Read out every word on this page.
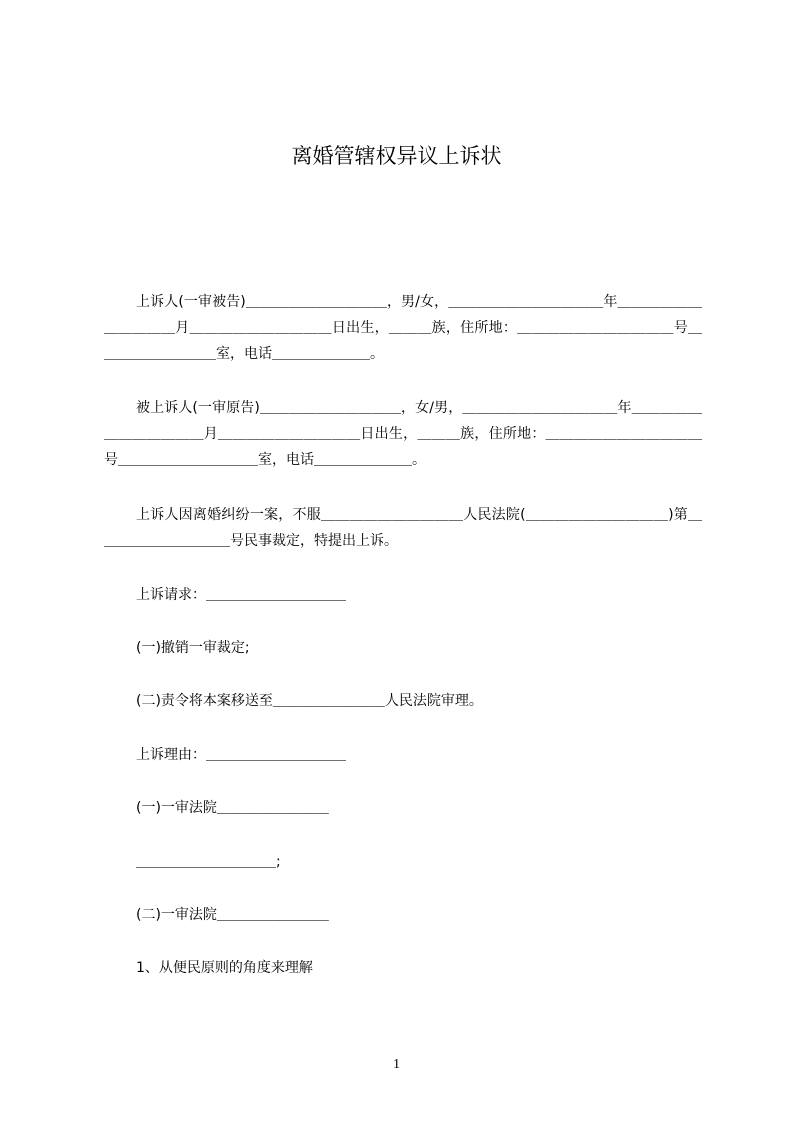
离婚管辖权异议上诉状
上诉人(一审被告)＿＿＿＿＿＿＿＿＿＿，男/女，＿＿＿＿＿＿＿＿＿＿＿年＿＿＿＿＿＿＿＿＿＿＿月＿＿＿＿＿＿＿＿＿＿日出生，＿＿＿族，住所地：＿＿＿＿＿＿＿＿＿＿＿号＿＿＿＿＿＿＿＿＿室，电话＿＿＿＿＿＿＿。
被上诉人(一审原告)＿＿＿＿＿＿＿＿＿＿，女/男，＿＿＿＿＿＿＿＿＿＿＿年＿＿＿＿＿＿＿＿＿＿＿＿月＿＿＿＿＿＿＿＿＿＿日出生，＿＿＿族，住所地：＿＿＿＿＿＿＿＿＿＿＿号＿＿＿＿＿＿＿＿＿＿室，电话＿＿＿＿＿＿＿。
上诉人因离婚纠纷一案，不服＿＿＿＿＿＿＿＿＿＿人民法院(＿＿＿＿＿＿＿＿＿＿)第＿＿＿＿＿＿＿＿＿＿号民事裁定，特提出上诉。
上诉请求：＿＿＿＿＿＿＿＿＿＿
(一)撤销一审裁定;
(二)责令将本案移送至＿＿＿＿＿＿＿＿人民法院审理。
上诉理由：＿＿＿＿＿＿＿＿＿＿
(一)一审法院＿＿＿＿＿＿＿＿
＿＿＿＿＿＿＿＿＿＿;
(二)一审法院＿＿＿＿＿＿＿＿
1、从便民原则的角度来理解
1
